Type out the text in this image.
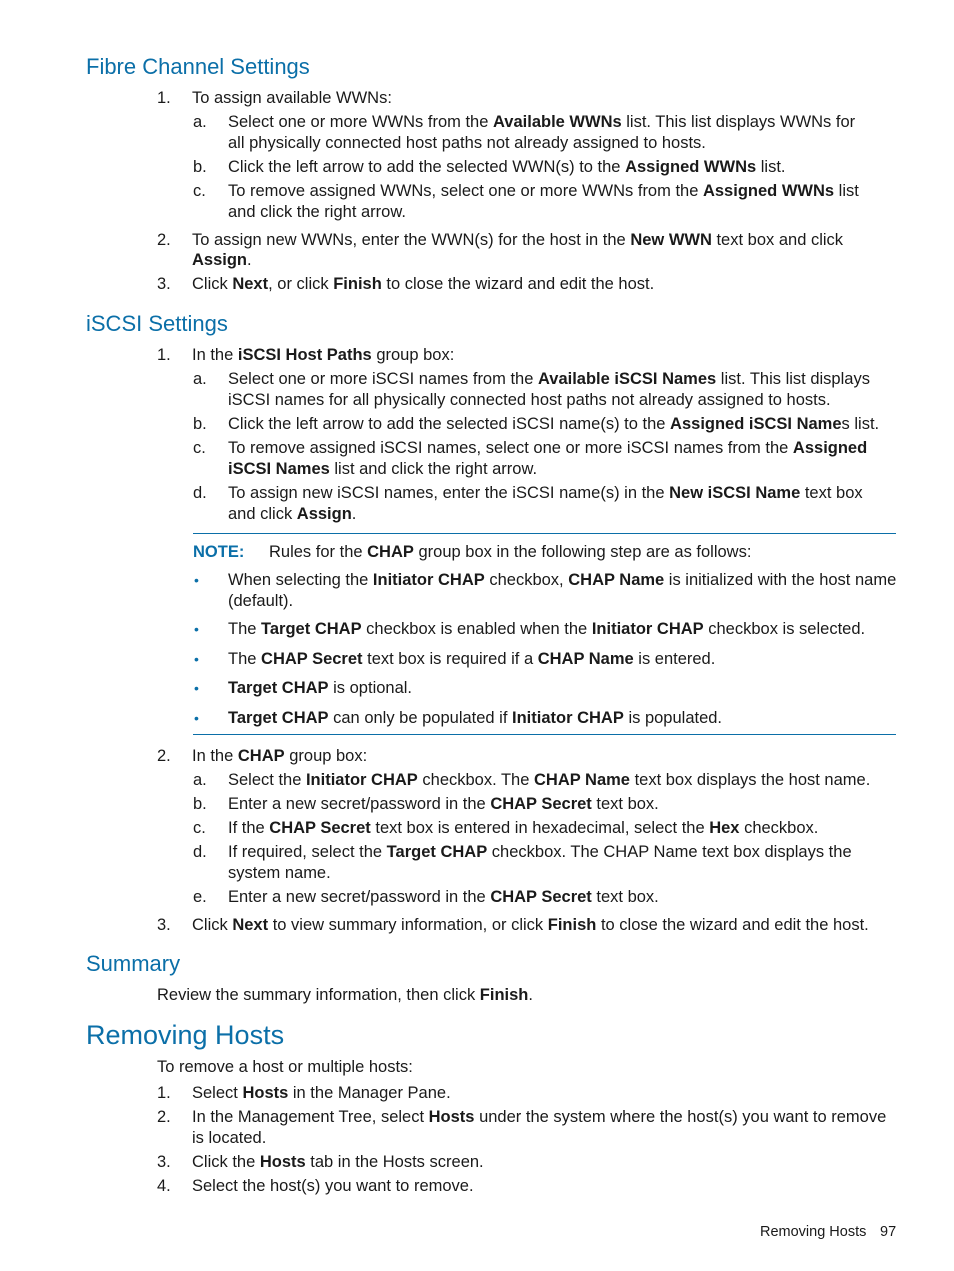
Fibre Channel Settings
1.	To assign available WWNs:
a.	Select one or more WWNs from the Available WWNs list. This list displays WWNs for
all physically connected host paths not already assigned to hosts.
b.	Click the left arrow to add the selected WWN(s) to the Assigned WWNs list.
c.	To remove assigned WWNs, select one or more WWNs from the Assigned WWNs list
and click the right arrow.
2.	To assign new WWNs, enter the WWN(s) for the host in the New WWN text box and click
Assign.
3.	Click Next, or click Finish to close the wizard and edit the host.
iSCSI Settings
1.	In the iSCSI Host Paths group box:
a.	Select one or more iSCSI names from the Available iSCSI Names list. This list displays
iSCSI names for all physically connected host paths not already assigned to hosts.
b.	Click the left arrow to add the selected iSCSI name(s) to the Assigned iSCSI Names list.
c.	To remove assigned iSCSI names, select one or more iSCSI names from the Assigned
iSCSI Names list and click the right arrow.
d.	To assign new iSCSI names, enter the iSCSI name(s) in the New iSCSI Name text box
and click Assign.
NOTE: Rules for the CHAP group box in the following step are as follows:
• When selecting the Initiator CHAP checkbox, CHAP Name is initialized with the host name
(default).
• The Target CHAP checkbox is enabled when the Initiator CHAP checkbox is selected.
• The CHAP Secret text box is required if a CHAP Name is entered.
• Target CHAP is optional.
• Target CHAP can only be populated if Initiator CHAP is populated.
2.	In the CHAP group box:
a.	Select the Initiator CHAP checkbox. The CHAP Name text box displays the host name.
b.	Enter a new secret/password in the CHAP Secret text box.
c.	If the CHAP Secret text box is entered in hexadecimal, select the Hex checkbox.
d.	If required, select the Target CHAP checkbox. The CHAP Name text box displays the
system name.
e.	Enter a new secret/password in the CHAP Secret text box.
3.	Click Next to view summary information, or click Finish to close the wizard and edit the host.
Summary
Review the summary information, then click Finish.
Removing Hosts
To remove a host or multiple hosts:
1.	Select Hosts in the Manager Pane.
2.	In the Management Tree, select Hosts under the system where the host(s) you want to remove
is located.
3.	Click the Hosts tab in the Hosts screen.
4.	Select the host(s) you want to remove.
Removing Hosts 97
